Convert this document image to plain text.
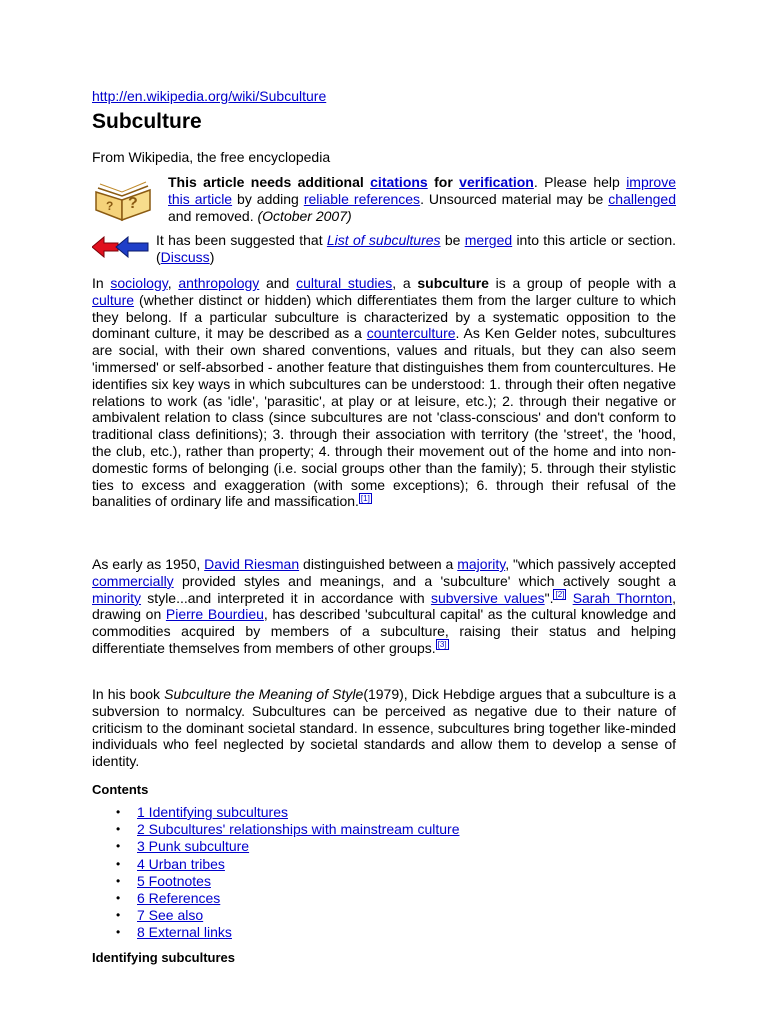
http://en.wikipedia.org/wiki/Subculture
Subculture
From Wikipedia, the free encyclopedia
?
?
This article needs additional citations for verification. Please help improve this article by adding reliable references. Unsourced material may be challenged and removed. (October 2007)
It has been suggested that List of subcultures be merged into this article or section. (Discuss)

In sociology, anthropology and cultural studies, a subculture is a group of people with a culture (whether distinct or hidden) which differentiates them from the larger culture to which they belong. If a particular subculture is characterized by a systematic opposition to the dominant culture, it may be described as a counterculture. As Ken Gelder notes, subcultures are social, with their own shared conventions, values and rituals, but they can also seem 'immersed' or self-absorbed - another feature that distinguishes them from countercultures. He identifies six key ways in which subcultures can be understood: 1. through their often negative relations to work (as 'idle', 'parasitic', at play or at leisure, etc.); 2. through their negative or ambivalent relation to class (since subcultures are not 'class-conscious' and don't conform to traditional class definitions); 3. through their association with territory (the 'street', the 'hood, the club, etc.), rather than property; 4. through their movement out of the home and into non-domestic forms of belonging (i.e. social groups other than the family); 5. through their stylistic ties to excess and exaggeration (with some exceptions); 6. through their refusal of the banalities of ordinary life and massification. [1]

As early as 1950, David Riesman distinguished between a majority, "which passively accepted commercially provided styles and meanings, and a 'subculture' which actively sought a minority style...and interpreted it in accordance with subversive values". [2] Sarah Thornton, drawing on Pierre Bourdieu, has described 'subcultural capital' as the cultural knowledge and commodities acquired by members of a subculture, raising their status and helping differentiate themselves from members of other groups. [3]

In his book Subculture the Meaning of Style(1979), Dick Hebdige argues that a subculture is a subversion to normalcy. Subcultures can be perceived as negative due to their nature of criticism to the dominant societal standard. In essence, subcultures bring together like-minded individuals who feel neglected by societal standards and allow them to develop a sense of identity.

Contents
• 1 Identifying subcultures
• 2 Subcultures' relationships with mainstream culture
• 3 Punk subculture
• 4 Urban tribes
• 5 Footnotes
• 6 References
• 7 See also
• 8 External links
Identifying subcultures
